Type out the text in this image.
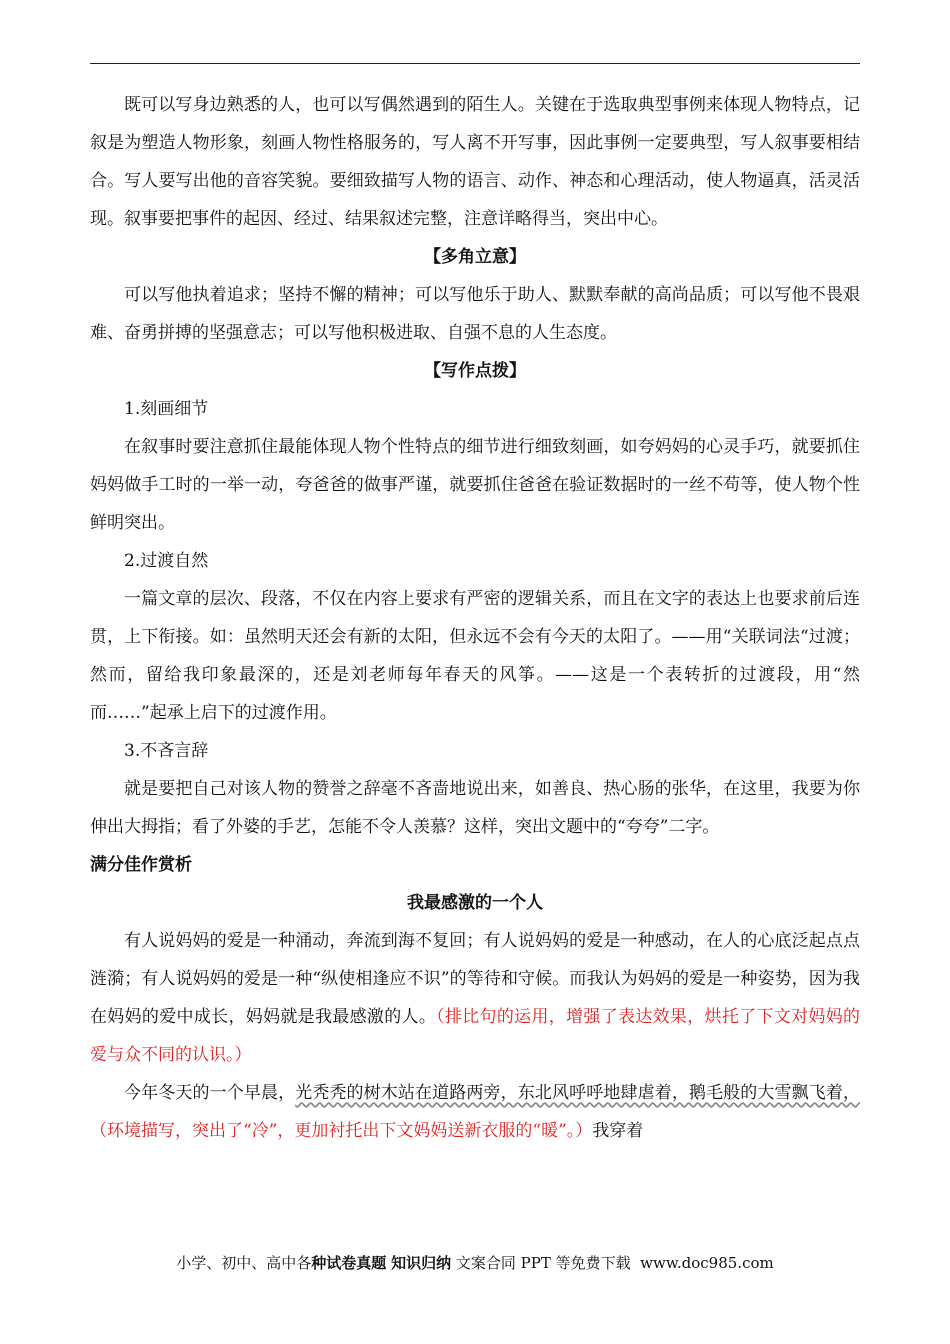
既可以写身边熟悉的人，也可以写偶然遇到的陌生人。关键在于选取典型事例来体现人物特点，记叙是为塑造人物形象，刻画人物性格服务的，写人离不开写事，因此事例一定要典型，写人叙事要相结合。写人要写出他的音容笑貌。要细致描写人物的语言、动作、神态和心理活动，使人物逼真，活灵活现。叙事要把事件的起因、经过、结果叙述完整，注意详略得当，突出中心。

【多角立意】

可以写他执着追求；坚持不懈的精神；可以写他乐于助人、默默奉献的高尚品质；可以写他不畏艰难、奋勇拼搏的坚强意志；可以写他积极进取、自强不息的人生态度。

【写作点拨】

1.刻画细节

在叙事时要注意抓住最能体现人物个性特点的细节进行细致刻画，如夸妈妈的心灵手巧，就要抓住妈妈做手工时的一举一动，夸爸爸的做事严谨，就要抓住爸爸在验证数据时的一丝不苟等，使人物个性鲜明突出。

2.过渡自然

一篇文章的层次、段落，不仅在内容上要求有严密的逻辑关系，而且在文字的表达上也要求前后连贯，上下衔接。如：虽然明天还会有新的太阳，但永远不会有今天的太阳了。——用“关联词法“过渡；然而，留给我印象最深的，还是刘老师每年春天的风筝。——这是一个表转折的过渡段，用“然而……”起承上启下的过渡作用。

3.不吝言辞

就是要把自己对该人物的赞誉之辞毫不吝啬地说出来，如善良、热心肠的张华，在这里，我要为你伸出大拇指；看了外婆的手艺，怎能不令人羡慕？这样，突出文题中的“夸夸”二字。

满分佳作赏析

我最感激的一个人

有人说妈妈的爱是一种涌动，奔流到海不复回；有人说妈妈的爱是一种感动，在人的心底泛起点点涟漪；有人说妈妈的爱是一种“纵使相逢应不识”的等待和守候。而我认为妈妈的爱是一种姿势，因为我在妈妈的爱中成长，妈妈就是我最感激的人。（排比句的运用，增强了表达效果，烘托了下文对妈妈的爱与众不同的认识。）

今年冬天的一个早晨，光秃秃的树木站在道路两旁，东北风呼呼地肆虐着，鹅毛般的大雪飘飞着，（环境描写，突出了“冷”，更加衬托出下文妈妈送新衣服的“暖”。）我穿着

小学、初中、高中各种试卷真题 知识归纳 文案合同 PPT 等免费下载 www.doc985.com
